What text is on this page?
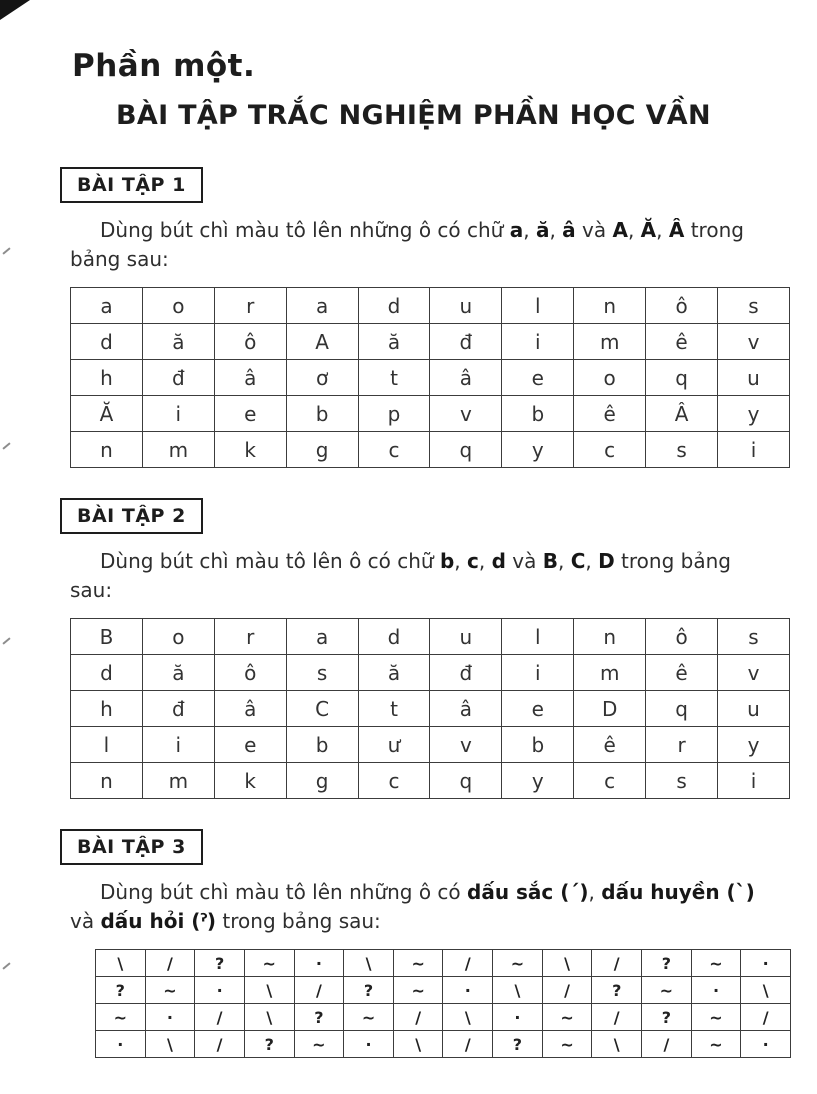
Phần một.
BÀI TẬP TRẮC NGHIỆM PHẦN HỌC VẦN
BÀI TẬP 1

Dùng bút chì màu tô lên những ô có chữ a, ă, â và A, Ă, Â trong bảng sau:

a	o	r	a	d	u	l	n	ô	s
d	ă	ô	A	ă	đ	i	m	ê	v
h	đ	â	ơ	t	â	e	o	q	u
Ă	i	e	b	p	v	b	ê	Â	y
n	m	k	g	c	q	y	c	s	i
BÀI TẬP 2

Dùng bút chì màu tô lên ô có chữ b, c, d và B, C, D trong bảng sau:

B	o	r	a	d	u	l	n	ô	s
d	ă	ô	s	ă	đ	i	m	ê	v
h	đ	â	C	t	â	e	D	q	u
l	i	e	b	ư	v	b	ê	r	y
n	m	k	g	c	q	y	c	s	i
BÀI TẬP 3

Dùng bút chì màu tô lên những ô có dấu sắc (´), dấu huyền (`) và dấu hỏi (ˀ) trong bảng sau:

\	/	?	~	·	\	~	/	~	\	/	?	~	·
?	~	·	\	/	?	~	·	\	/	?	~	·	\
~	·	/	\	?	~	/	\	·	~	/	?	~	/
·	\	/	?	~	·	\	/	?	~	\	/	~	·
